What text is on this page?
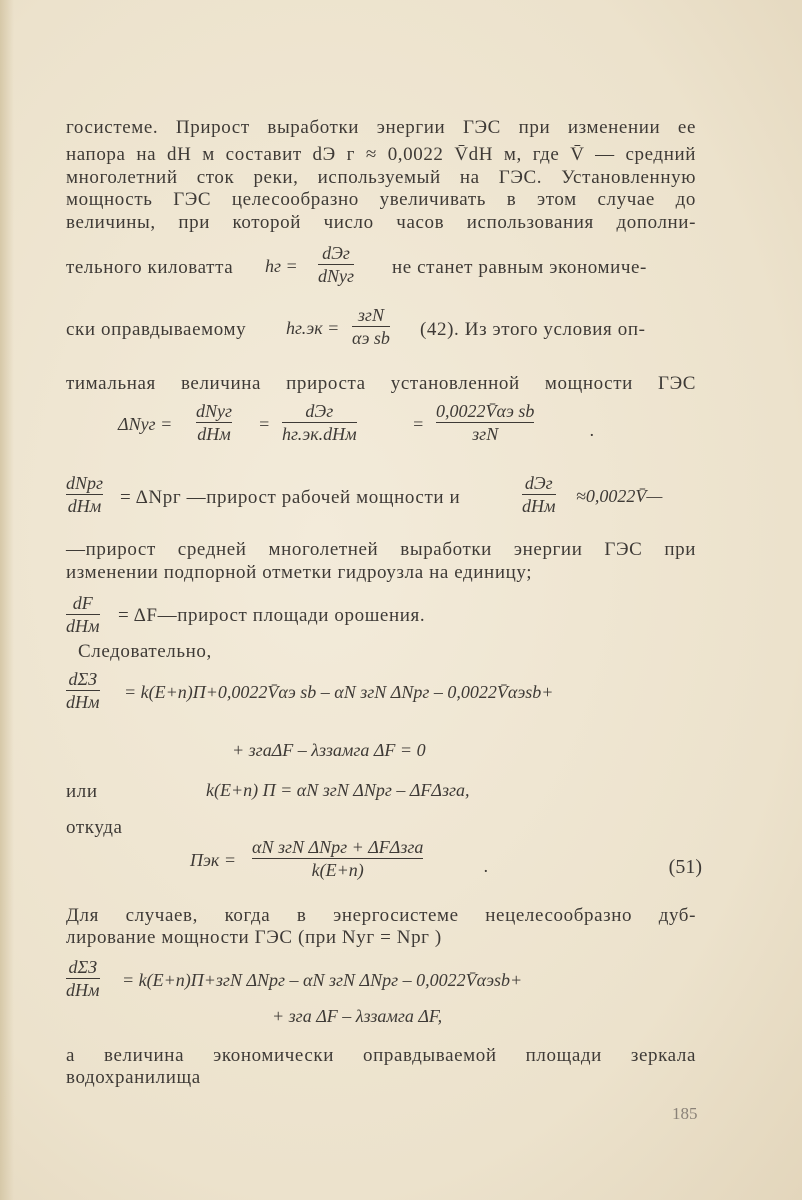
госистеме. Прирост выработки энергии ГЭС при изменении ее
напора на dH м составит dЭ г ≈ 0,0022 V̄dH м, где V̄ — средний
многолетний сток реки, используемый на ГЭС. Установленную
мощность ГЭС целесообразно увеличивать в этом случае до
величины, при которой число часов использования дополни-
тельного киловатта hг =
dЭг
dNуг не станет равным экономиче-
ски оправдываемому hг.эк =
згN
αэ sb (42). Из этого условия оп-
тимальная величина прироста установленной мощности ГЭС
ΔNуг =
dNуг
dHм =
dЭг
hг.эк.dHм	=
0,0022V̄αэ sb
згN	.
dNpг
dHм = ΔNpг —прирост рабочей мощности и
dЭг
dHм ≈0,0022V̄—
—прирост средней многолетней выработки энергии ГЭС при
изменении подпорной отметки гидроузла на единицу;
dF
dHм = ΔF—прирост площади орошения.
Следовательно,
dΣЗ
dHм = k(E+n)П+0,0022V̄αэ sb – αN згN ΔNpг – 0,0022V̄αэsb+
+ згаΔF – λззамга ΔF = 0
или	k(E+n) П = αN згN ΔNpг – ΔFΔзга,
откуда
Пэк =
αN згN ΔNpг + ΔFΔзга
k(E+n)	.	(51)
Для случаев, когда в энергосистеме нецелесообразно дуб-
лирование мощности ГЭС (при Nуг = Npг )
dΣЗ
dHм = k(E+n)П+згN ΔNpг – αN згN ΔNpг – 0,0022V̄αэsb+
+ зга ΔF – λззамга ΔF,
а величина экономически оправдываемой площади зеркала
водохранилища
185
